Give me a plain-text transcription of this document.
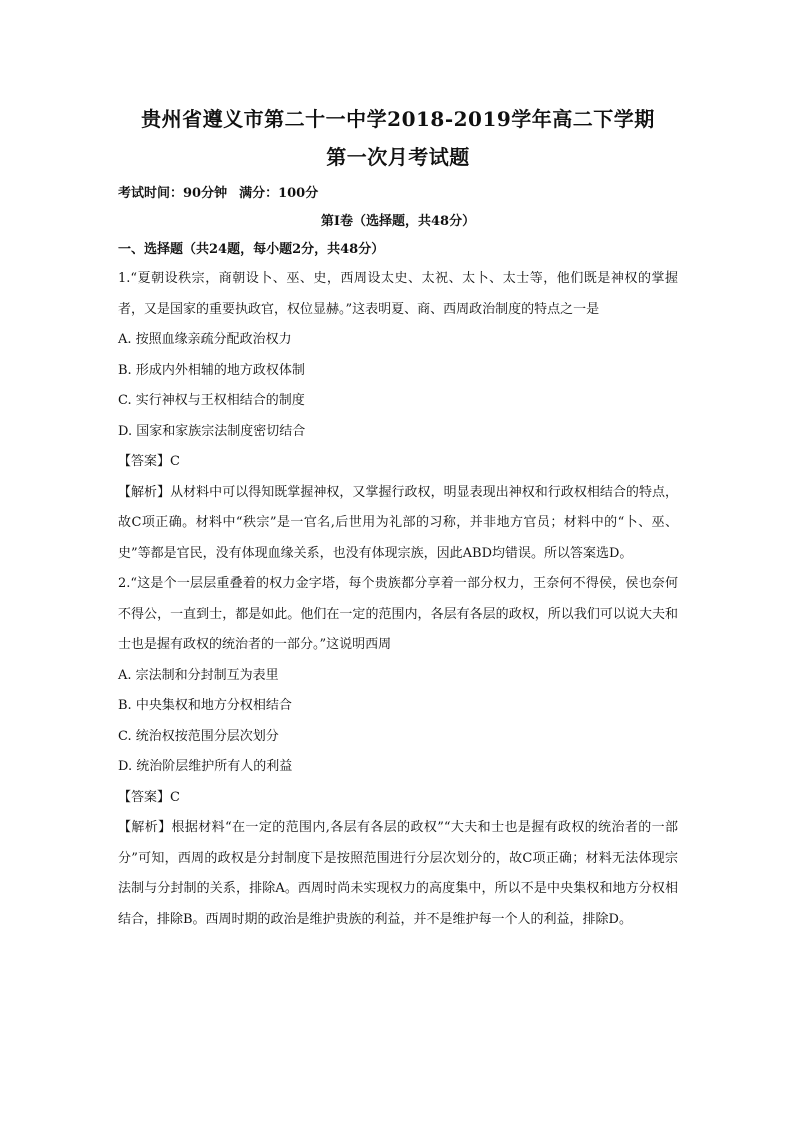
贵州省遵义市第二十一中学2018-2019学年高二下学期
第一次月考试题
考试时间：90分钟 满分：100分
第Ⅰ卷（选择题，共48分）
一、选择题（共24题，每小题2分，共48分）

1.“夏朝设秩宗，商朝设卜、巫、史，西周设太史、太祝、太卜、太士等，他们既是神权的掌握者，又是国家的重要执政官，权位显赫。”这表明夏、商、西周政治制度的特点之一是

A. 按照血缘亲疏分配政治权力

B. 形成内外相辅的地方政权体制

C. 实行神权与王权相结合的制度

D. 国家和家族宗法制度密切结合

【答案】C

【解析】从材料中可以得知既掌握神权，又掌握行政权，明显表现出神权和行政权相结合的特点，故C项正确。材料中“秩宗”是一官名,后世用为礼部的习称，并非地方官员；材料中的“卜、巫、史”等都是官民，没有体现血缘关系，也没有体现宗族，因此ABD均错误。所以答案选D。

2.“这是个一层层重叠着的权力金字塔，每个贵族都分享着一部分权力，王奈何不得侯，侯也奈何不得公，一直到士，都是如此。他们在一定的范围内，各层有各层的政权，所以我们可以说大夫和士也是握有政权的统治者的一部分。”这说明西周

A. 宗法制和分封制互为表里

B. 中央集权和地方分权相结合

C. 统治权按范围分层次划分

D. 统治阶层维护所有人的利益

【答案】C

【解析】根据材料“在一定的范围内,各层有各层的政权”“大夫和士也是握有政权的统治者的一部分”可知，西周的政权是分封制度下是按照范围进行分层次划分的，故C项正确；材料无法体现宗法制与分封制的关系，排除A。西周时尚未实现权力的高度集中，所以不是中央集权和地方分权相结合，排除B。西周时期的政治是维护贵族的利益，并不是维护每一个人的利益，排除D。
